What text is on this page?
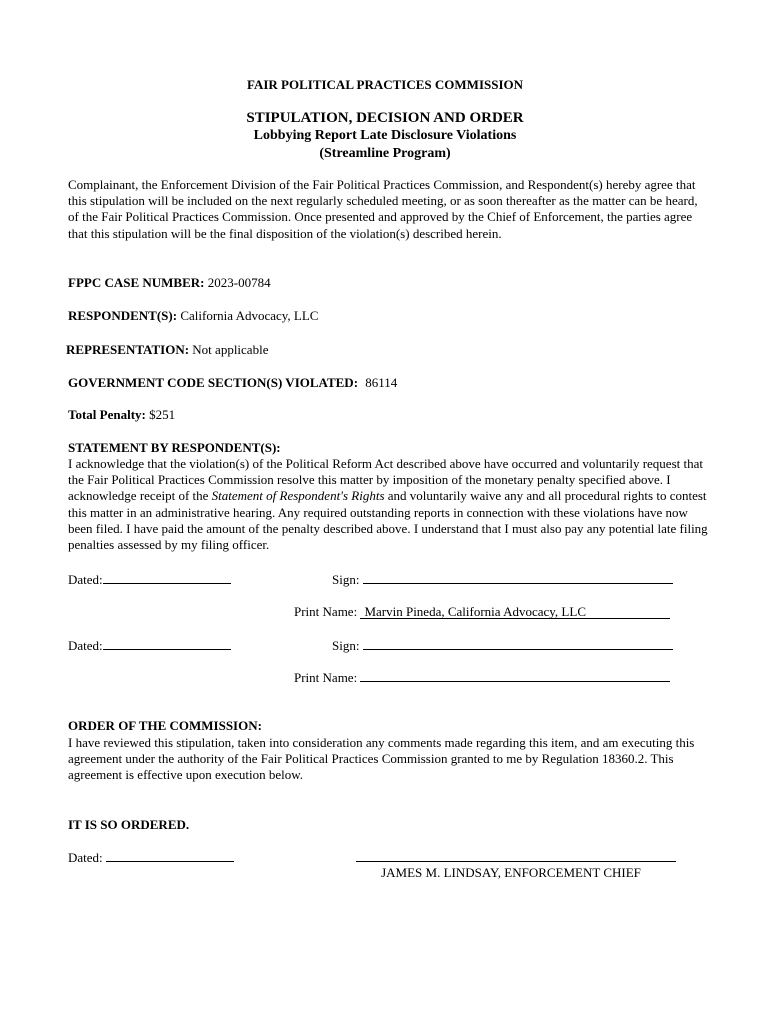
FAIR POLITICAL PRACTICES COMMISSION
STIPULATION, DECISION AND ORDER
Lobbying Report Late Disclosure Violations
(Streamline Program)
Complainant, the Enforcement Division of the Fair Political Practices Commission, and Respondent(s) hereby agree that this stipulation will be included on the next regularly scheduled meeting, or as soon thereafter as the matter can be heard, of the Fair Political Practices Commission. Once presented and approved by the Chief of Enforcement, the parties agree that this stipulation will be the final disposition of the violation(s) described herein.
FPPC CASE NUMBER: 2023-00784
RESPONDENT(S): California Advocacy, LLC
REPRESENTATION: Not applicable
GOVERNMENT CODE SECTION(S) VIOLATED: 86114
Total Penalty: $251
STATEMENT BY RESPONDENT(S):
I acknowledge that the violation(s) of the Political Reform Act described above have occurred and voluntarily request that the Fair Political Practices Commission resolve this matter by imposition of the monetary penalty specified above. I acknowledge receipt of the Statement of Respondent's Rights and voluntarily waive any and all procedural rights to contest this matter in an administrative hearing. Any required outstanding reports in connection with these violations have now been filed. I have paid the amount of the penalty described above. I understand that I must also pay any potential late filing penalties assessed by my filing officer.
Dated:	Sign:
Print Name: Marvin Pineda, California Advocacy, LLC
Dated:	Sign:
Print Name:
ORDER OF THE COMMISSION:
I have reviewed this stipulation, taken into consideration any comments made regarding this item, and am executing this agreement under the authority of the Fair Political Practices Commission granted to me by Regulation 18360.2. This agreement is effective upon execution below.
IT IS SO ORDERED.
Dated:
JAMES M. LINDSAY, ENFORCEMENT CHIEF
